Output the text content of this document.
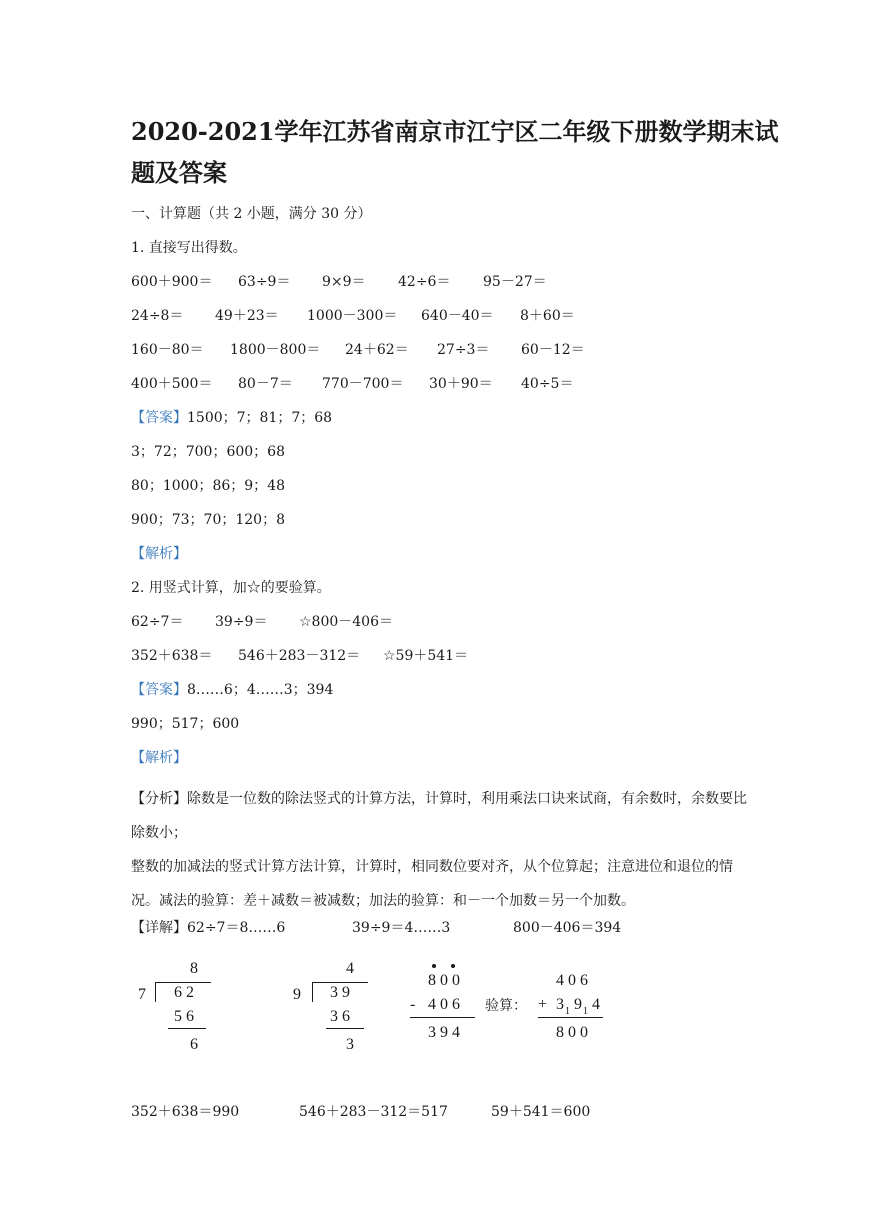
2020-2021学年江苏省南京市江宁区二年级下册数学期末试
题及答案
一、计算题（共 2 小题，满分 30 分）
1. 直接写出得数。
600＋900＝ 63÷9＝ 9×9＝ 42÷6＝ 95－27＝
24÷8＝ 49＋23＝ 1000－300＝ 640－40＝ 8＋60＝
160－80＝ 1800－800＝ 24＋62＝ 27÷3＝ 60－12＝
400＋500＝ 80－7＝ 770－700＝ 30＋90＝ 40÷5＝
【答案】1500；7；81；7；68
3；72；700；600；68
80；1000；86；9；48
900；73；70；120；8
【解析】
2. 用竖式计算，加☆的要验算。
62÷7＝ 39÷9＝ ☆800－406＝
352＋638＝ 546＋283－312＝ ☆59＋541＝
【答案】8……6；4……3；394
990；517；600
【解析】
【分析】除数是一位数的除法竖式的计算方法，计算时，利用乘法口诀来试商，有余数时，余数要比除数小；
整数的加减法的竖式计算方法计算，计算时，相同数位要对齐，从个位算起；注意进位和退位的情况。减法的验算：差＋减数＝被减数；加法的验算：和－一个加数＝另一个加数。
【详解】62÷7＝8……6	39÷9＝4……3	800－406＝394
8
7 6 2
5 6
6
4
9 3 9
3 6
3
8 0 0
- 4 0 6
3 9 4
验算：
4 0 6
+ 3 1 9 1 4
8 0 0
352＋638＝990	546＋283－312＝517	59＋541＝600
